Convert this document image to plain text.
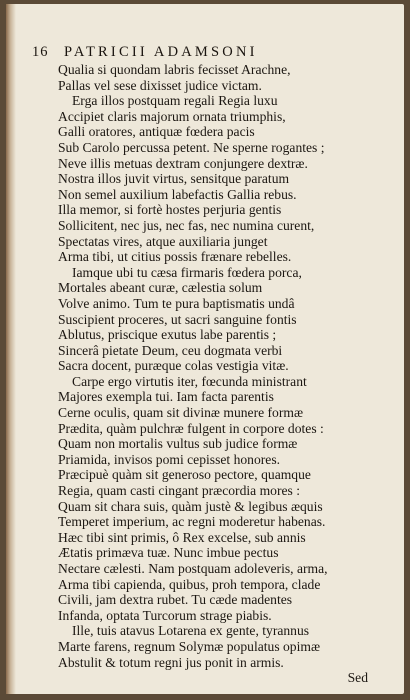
16 PATRICII ADAMSONI
Qualia si quondam labris fecisset Arachne,
Pallas vel sese dixisset judice victam.
Erga illos postquam regali Regia luxu
Accipiet claris majorum ornata triumphis,
Galli oratores, antiquæ fœdera pacis
Sub Carolo percussa petent. Ne sperne rogantes ;
Neve illis metuas dextram conjungere dextræ.
Nostra illos juvit virtus, sensitque paratum
Non semel auxilium labefactis Gallia rebus.
Illa memor, si fortè hostes perjuria gentis
Sollicitent, nec jus, nec fas, nec numina curent,
Spectatas vires, atque auxiliaria junget
Arma tibi, ut citius possis frænare rebelles.
Iamque ubi tu cæsa firmaris fœdera porca,
Mortales abeant curæ, cælestia solum
Volve animo. Tum te pura baptismatis undâ
Suscipient proceres, ut sacri sanguine fontis
Ablutus, priscique exutus labe parentis ;
Sincerâ pietate Deum, ceu dogmata verbi
Sacra docent, puræque colas vestigia vitæ.
Carpe ergo virtutis iter, fœcunda ministrant
Majores exempla tui. Iam facta parentis
Cerne oculis, quam sit divinæ munere formæ
Prædita, quàm pulchræ fulgent in corpore dotes :
Quam non mortalis vultus sub judice formæ
Priamida, invisos pomi cepisset honores.
Præcipuè quàm sit generoso pectore, quamque
Regia, quam casti cingant præcordia mores :
Quam sit chara suis, quàm justè & legibus æquis
Temperet imperium, ac regni moderetur habenas.
Hæc tibi sint primis, ô Rex excelse, sub annis
Ætatis primæva tuæ. Nunc imbue pectus
Nectare cælesti. Nam postquam adoleveris, arma,
Arma tibi capienda, quibus, proh tempora, clade
Civili, jam dextra rubet. Tu cæde madentes
Infanda, optata Turcorum strage piabis.
Ille, tuis atavus Lotarena ex gente, tyrannus
Marte farens, regnum Solymæ populatus opimæ
Abstulit & totum regni jus ponit in armis.
Sed
